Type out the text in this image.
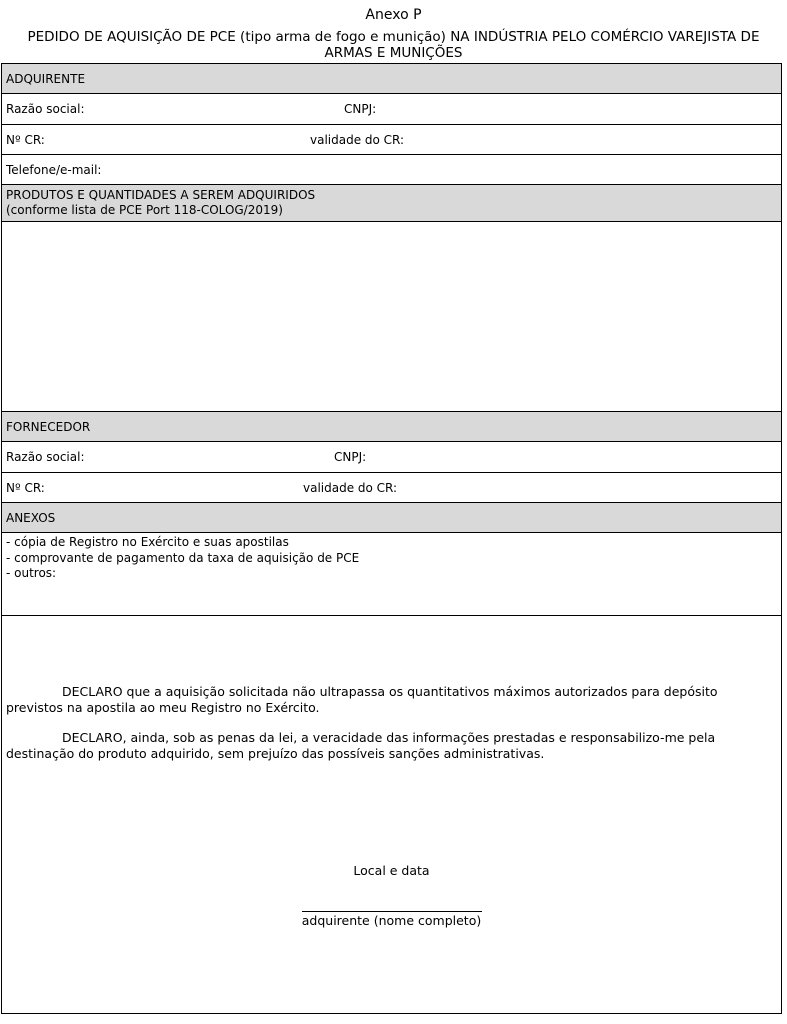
Anexo P
PEDIDO DE AQUISIÇÃO DE PCE (tipo arma de fogo e munição) NA INDÚSTRIA PELO COMÉRCIO VAREJISTA DE
ARMAS E MUNIÇÕES
ADQUIRENTE
Razão social:	CNPJ:
Nº CR:	validade do CR:
Telefone/e-mail:
PRODUTOS E QUANTIDADES A SEREM ADQUIRIDOS
(conforme lista de PCE Port 118-COLOG/2019)
FORNECEDOR
Razão social:	CNPJ:
Nº CR:	validade do CR:
ANEXOS
- cópia de Registro no Exército e suas apostilas
- comprovante de pagamento da taxa de aquisição de PCE
- outros:
DECLARO que a aquisição solicitada não ultrapassa os quantitativos máximos autorizados para depósito previstos na apostila ao meu Registro no Exército.
DECLARO, ainda, sob as penas da lei, a veracidade das informações prestadas e responsabilizo-me pela destinação do produto adquirido, sem prejuízo das possíveis sanções administrativas.
Local e data
adquirente (nome completo)
